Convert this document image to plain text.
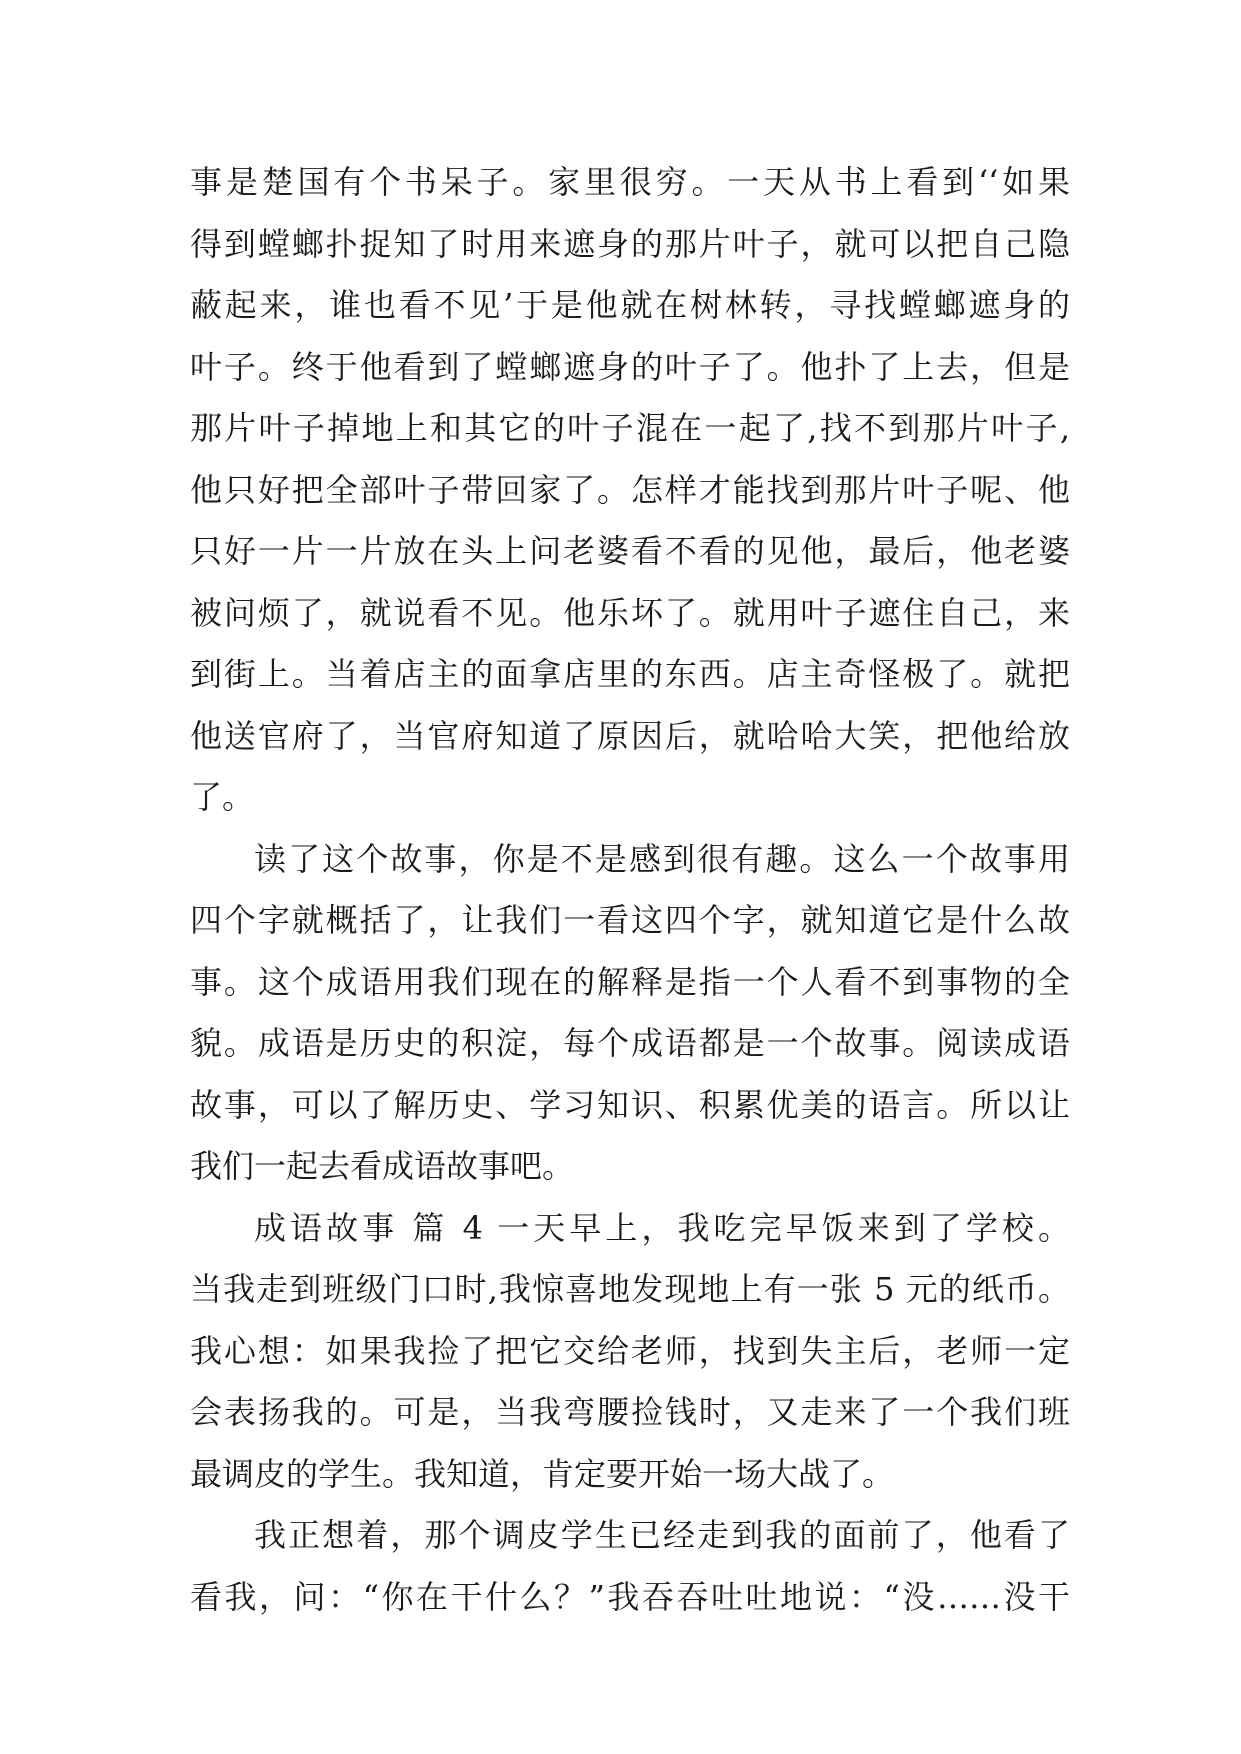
事是楚国有个书呆子。家里很穷。一天从书上看到‘‘如果
得到螳螂扑捉知了时用来遮身的那片叶子，就可以把自己隐
蔽起来，谁也看不见’于是他就在树林转，寻找螳螂遮身的
叶子。终于他看到了螳螂遮身的叶子了。他扑了上去，但是
那片叶子掉地上和其它的叶子混在一起了,找不到那片叶子,
他只好把全部叶子带回家了。怎样才能找到那片叶子呢、他
只好一片一片放在头上问老婆看不看的见他，最后，他老婆
被问烦了，就说看不见。他乐坏了。就用叶子遮住自己，来
到街上。当着店主的面拿店里的东西。店主奇怪极了。就把
他送官府了，当官府知道了原因后，就哈哈大笑，把他给放
了。
读了这个故事，你是不是感到很有趣。这么一个故事用
四个字就概括了，让我们一看这四个字，就知道它是什么故
事。这个成语用我们现在的解释是指一个人看不到事物的全
貌。成语是历史的积淀，每个成语都是一个故事。阅读成语
故事，可以了解历史、学习知识、积累优美的语言。所以让
我们一起去看成语故事吧。
成语故事 篇 4 一天早上，我吃完早饭来到了学校。
当我走到班级门口时,我惊喜地发现地上有一张 5 元的纸币。
我心想：如果我捡了把它交给老师，找到失主后，老师一定
会表扬我的。可是，当我弯腰捡钱时，又走来了一个我们班
最调皮的学生。我知道，肯定要开始一场大战了。
我正想着，那个调皮学生已经走到我的面前了，他看了
看我，问：“你在干什么？”我吞吞吐吐地说：“没……没干
